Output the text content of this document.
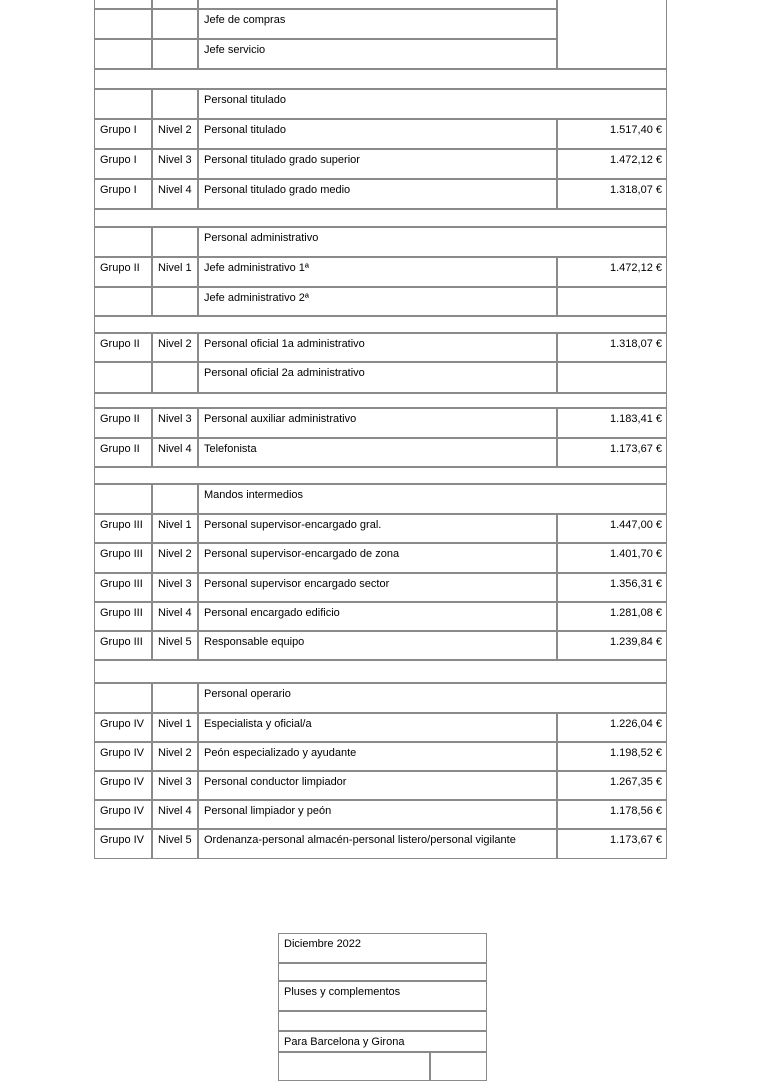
		Jefe de compras	
		Jefe servicio	

		Personal titulado	
Grupo I	Nivel 2	Personal titulado	1.517,40 €
Grupo I	Nivel 3	Personal titulado grado superior	1.472,12 €
Grupo I	Nivel 4	Personal titulado grado medio	1.318,07 €

		Personal administrativo	
Grupo II	Nivel 1	Jefe administrativo 1ª	1.472,12 €
		Jefe administrativo 2ª	

Grupo II	Nivel 2	Personal oficial 1a administrativo	1.318,07 €
		Personal oficial 2a administrativo	

Grupo II	Nivel 3	Personal auxiliar administrativo	1.183,41 €
Grupo II	Nivel 4	Telefonista	1.173,67 €

		Mandos intermedios	
Grupo III	Nivel 1	Personal supervisor-encargado gral.	1.447,00 €
Grupo III	Nivel 2	Personal supervisor-encargado de zona	1.401,70 €
Grupo III	Nivel 3	Personal supervisor encargado sector	1.356,31 €
Grupo III	Nivel 4	Personal encargado edificio	1.281,08 €
Grupo III	Nivel 5	Responsable equipo	1.239,84 €

		Personal operario	
Grupo IV	Nivel 1	Especialista y oficial/a	1.226,04 €
Grupo IV	Nivel 2	Peón especializado y ayudante	1.198,52 €
Grupo IV	Nivel 3	Personal conductor limpiador	1.267,35 €
Grupo IV	Nivel 4	Personal limpiador y peón	1.178,56 €
Grupo IV	Nivel 5	Ordenanza-personal almacén-personal listero/personal vigilante	1.173,67 €
Diciembre 2022

Pluses y complementos

Para Barcelona y Girona
